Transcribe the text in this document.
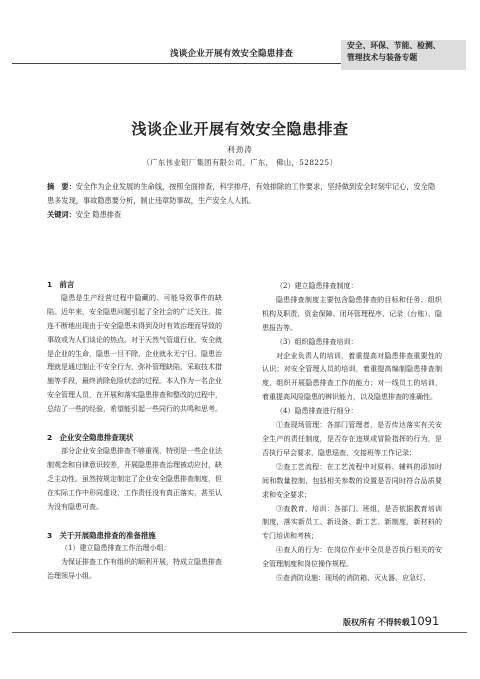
浅谈企业开展有效安全隐患排查
安全、环保、节能、检测、
管理技术与装备专题
浅谈企业开展有效安全隐患排查
利劲涛
（广东伟业铝厂集团有限公司，广东， 佛山，528225）
摘　要：安全作为企业发展的生命线，按照全面排查，科学排序，有效排除的工作要求，坚持做到安全时刻牢记心，安全隐患多发现，事故隐患要分析，制止违章防事故，生产安全人人抓。
关键词：安全 隐患排查
1　前言

隐患是生产经营过程中隐藏的、可能导致事件的缺陷。近年来，安全隐患问题引起了全社会的广泛关注，接连不断地出现由于安全隐患未得到及时有效治理而导致的事故或为人们谈论的热点。对于天然气管道行业，安全就是企业的生命，隐患一旦不除，企业就永无宁日。隐患治理就是通过制止不安全行为，弥补管理缺陷，采取技术措施等手段，最终消除危险状态的过程。本人作为一名企业安全管理人员，在开展和落实隐患排查和整改的过程中，总结了一些的经验，希望能引起一些同行的共鸣和思考。

2　企业安全隐患排查现状

部分企业安全隐患排查不够重视，特别是一些企业法制观念和自律意识较差，开展隐患排查治理被动应付，缺乏主动性。虽然按规定制定了企业安全隐患排查制度，但在实际工作中形同虚设，工作责任没有真正落实，甚至认为没有隐患可查。

3　关于开展隐患排查的准备措施

（1）建立隐患排查工作治理小组：

为保证排查工作有组织的顺利开展，特成立隐患排查治理领导小组。

（2）建立隐患排查制度：

隐患排查制度主要包含隐患排查的目标和任务、组织机构及职责、资金保障、闭环管理程序、记录（台账）、隐患报告等。

（3）组织隐患排查培训：

对企业负责人的培训，着重提高对隐患排查重要性的认识；对安全管理人员的培训，着重提高编制隐患排查制度、组织开展隐患排查工作的能力；对一线员工的培训，着重提高风险隐患的辨识能力，以及隐患排查的准确性。

（4）隐患排查进行细分：

①查现场管理：各部门管理者，是否传达落实有关安全生产的责任制度，是否存在违规或冒险指挥的行为，是否执行早会要求，隐患巡查、交接班等工作记录；

②查工艺流程：在工艺流程中对原料、辅料的添加时间和数量控制，包括相关参数的设置是否同时符合品质要求和安全要求；

③查教育、培训：各部门、班组，是否依据教育培训制度，落实新员工、新设备、新工艺、新制度，新材料的专门培训和考核；

④查人的行为：在岗位作业中全员是否执行相关的安全管理制度和岗位操作规程。

⑤查消防设施：现场的消防箱、灭火器、应急灯、

版权所有 不得转载 1091
